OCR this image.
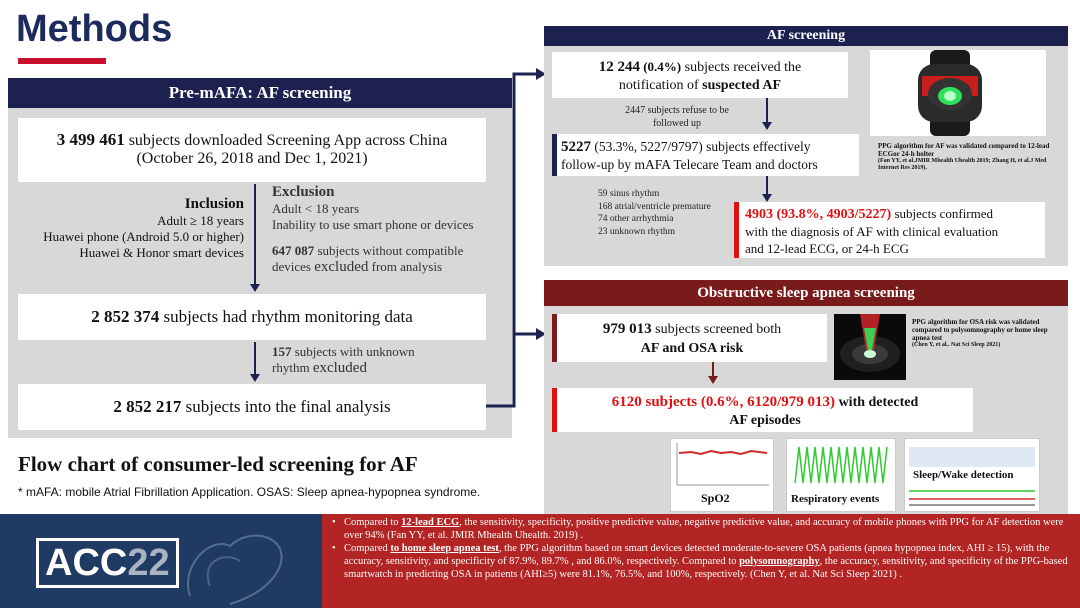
Methods
Pre-mAFA: AF screening
3 499 461 subjects downloaded Screening App across China
(October 26, 2018 and Dec 1, 2021)
Inclusion
Adult ≥ 18 years
Huawei phone (Android 5.0 or higher)
Huawei & Honor smart devices
Exclusion
Adult < 18 years
Inability to use smart phone or devices
647 087 subjects without compatible
devices excluded from analysis
2 852 374 subjects had rhythm monitoring data
157 subjects with unknown
rhythm excluded
2 852 217 subjects into the final analysis
Flow chart of consumer-led screening for AF
* mAFA: mobile Atrial Fibrillation Application. OSAS: Sleep apnea-hypopnea syndrome.
AF screening
12 244 (0.4%) subjects received the
notification of suspected AF
2447 subjects refuse to be followed up
5227 (53.3%, 5227/9797) subjects effectively
follow-up by mAFA Telecare Team and doctors
59 sinus rhythm
168 atrial/ventricle premature
74 other arrhythmia
23 unknown rhythm
4903 (93.8%, 4903/5227) subjects confirmed
with the diagnosis of AF with clinical evaluation
and 12-lead ECG, or 24-h ECG
PPG algorithm for AF was validated compared to 12-lead ECGor 24-h holter
(Fan YY, et al.JMIR Mhealth Uhealth 2019; Zhang H, et al.J Med Internet Res 2019).
Obstructive sleep apnea screening
979 013 subjects screened both
AF and OSA risk
6120 subjects (0.6%, 6120/979 013) with detected
AF episodes
PPG algorithm for OSA risk was validated compared to polysomnography or home sleep apnea test
(Chen Y, et al.. Nat Sci Sleep 2021)
SpO2	Respiratory events
Sleep/Wake detection
ACC22
• Compared to 12-lead ECG, the sensitivity, specificity, positive predictive value, negative predictive value, and accuracy of mobile phones with PPG for AF detection were over 94% (Fan YY, et al. JMIR Mhealth Uhealth. 2019) .
• Compared to home sleep apnea test, the PPG algorithm based on smart devices detected moderate-to-severe OSA patients (apnea hypopnea index, AHI ≥ 15), with the accuracy, sensitivity, and specificity of 87.9%, 89.7% , and 86.0%, respectively. Compared to polysomnography, the accuracy, sensitivity, and specificity of the PPG-based smartwatch in predicting OSA in patients (AHI≥5) were 81.1%, 76.5%, and 100%, respectively. (Chen Y, et al. Nat Sci Sleep 2021) .
